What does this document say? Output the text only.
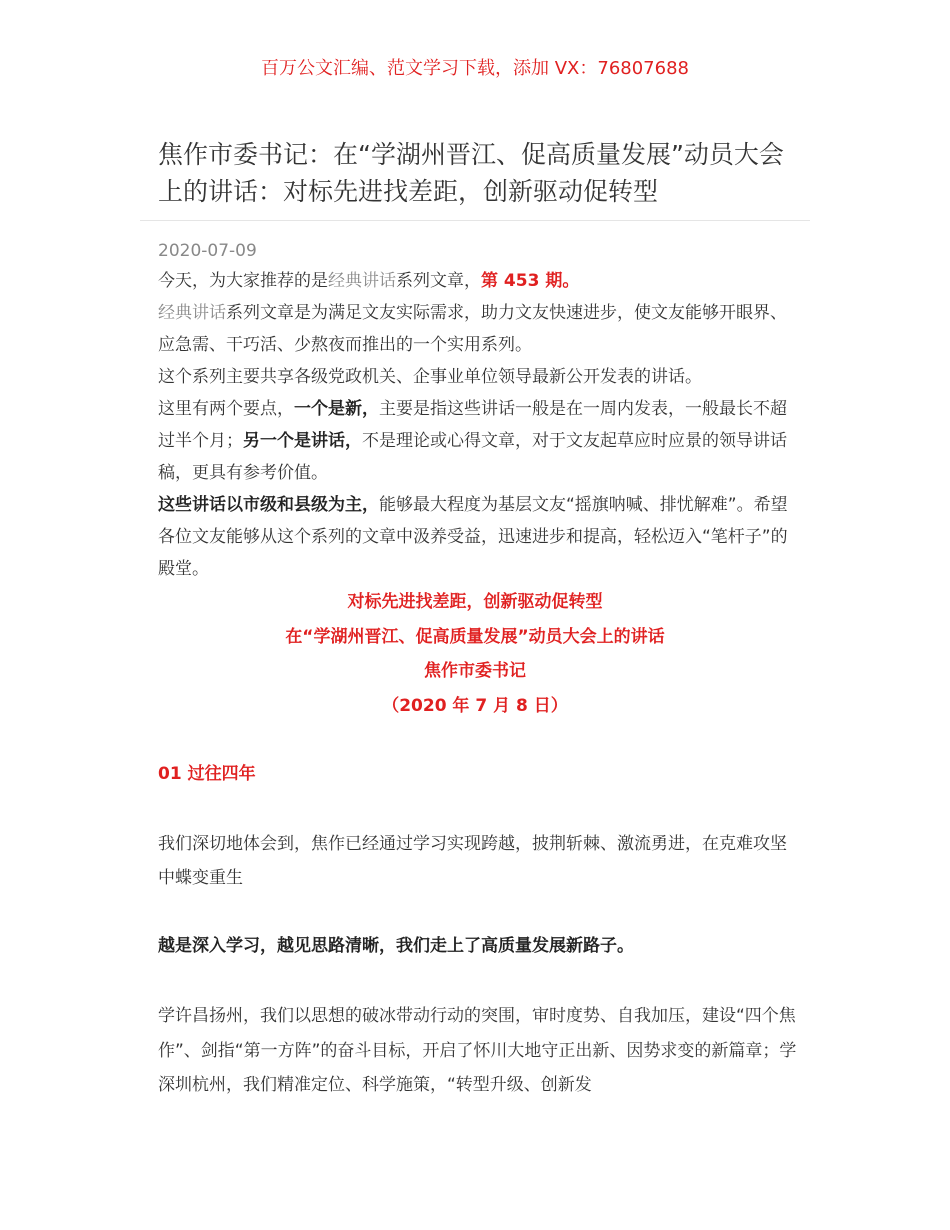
百万公文汇编、范文学习下载，添加 VX：76807688
焦作市委书记：在“学湖州晋江、促高质量发展”动员大会上的讲话：对标先进找差距，创新驱动促转型
2020-07-09

今天，为大家推荐的是经典讲话系列文章，第 453 期。

经典讲话系列文章是为满足文友实际需求，助力文友快速进步，使文友能够开眼界、应急需、干巧活、少熬夜而推出的一个实用系列。

这个系列主要共享各级党政机关、企事业单位领导最新公开发表的讲话。

这里有两个要点，一个是新，主要是指这些讲话一般是在一周内发表，一般最长不超过半个月；另一个是讲话，不是理论或心得文章，对于文友起草应时应景的领导讲话稿，更具有参考价值。

这些讲话以市级和县级为主，能够最大程度为基层文友“摇旗呐喊、排忧解难”。希望各位文友能够从这个系列的文章中汲养受益，迅速进步和提高，轻松迈入“笔杆子”的殿堂。

对标先进找差距，创新驱动促转型
在“学湖州晋江、促高质量发展”动员大会上的讲话
焦作市委书记
（2020 年 7 月 8 日）
01 过往四年

我们深切地体会到，焦作已经通过学习实现跨越，披荆斩棘、激流勇进，在克难攻坚中蝶变重生

越是深入学习，越见思路清晰，我们走上了高质量发展新路子。

学许昌扬州，我们以思想的破冰带动行动的突围，审时度势、自我加压，建设“四个焦作”、剑指“第一方阵”的奋斗目标，开启了怀川大地守正出新、因势求变的新篇章；学深圳杭州，我们精准定位、科学施策，“转型升级、创新发
